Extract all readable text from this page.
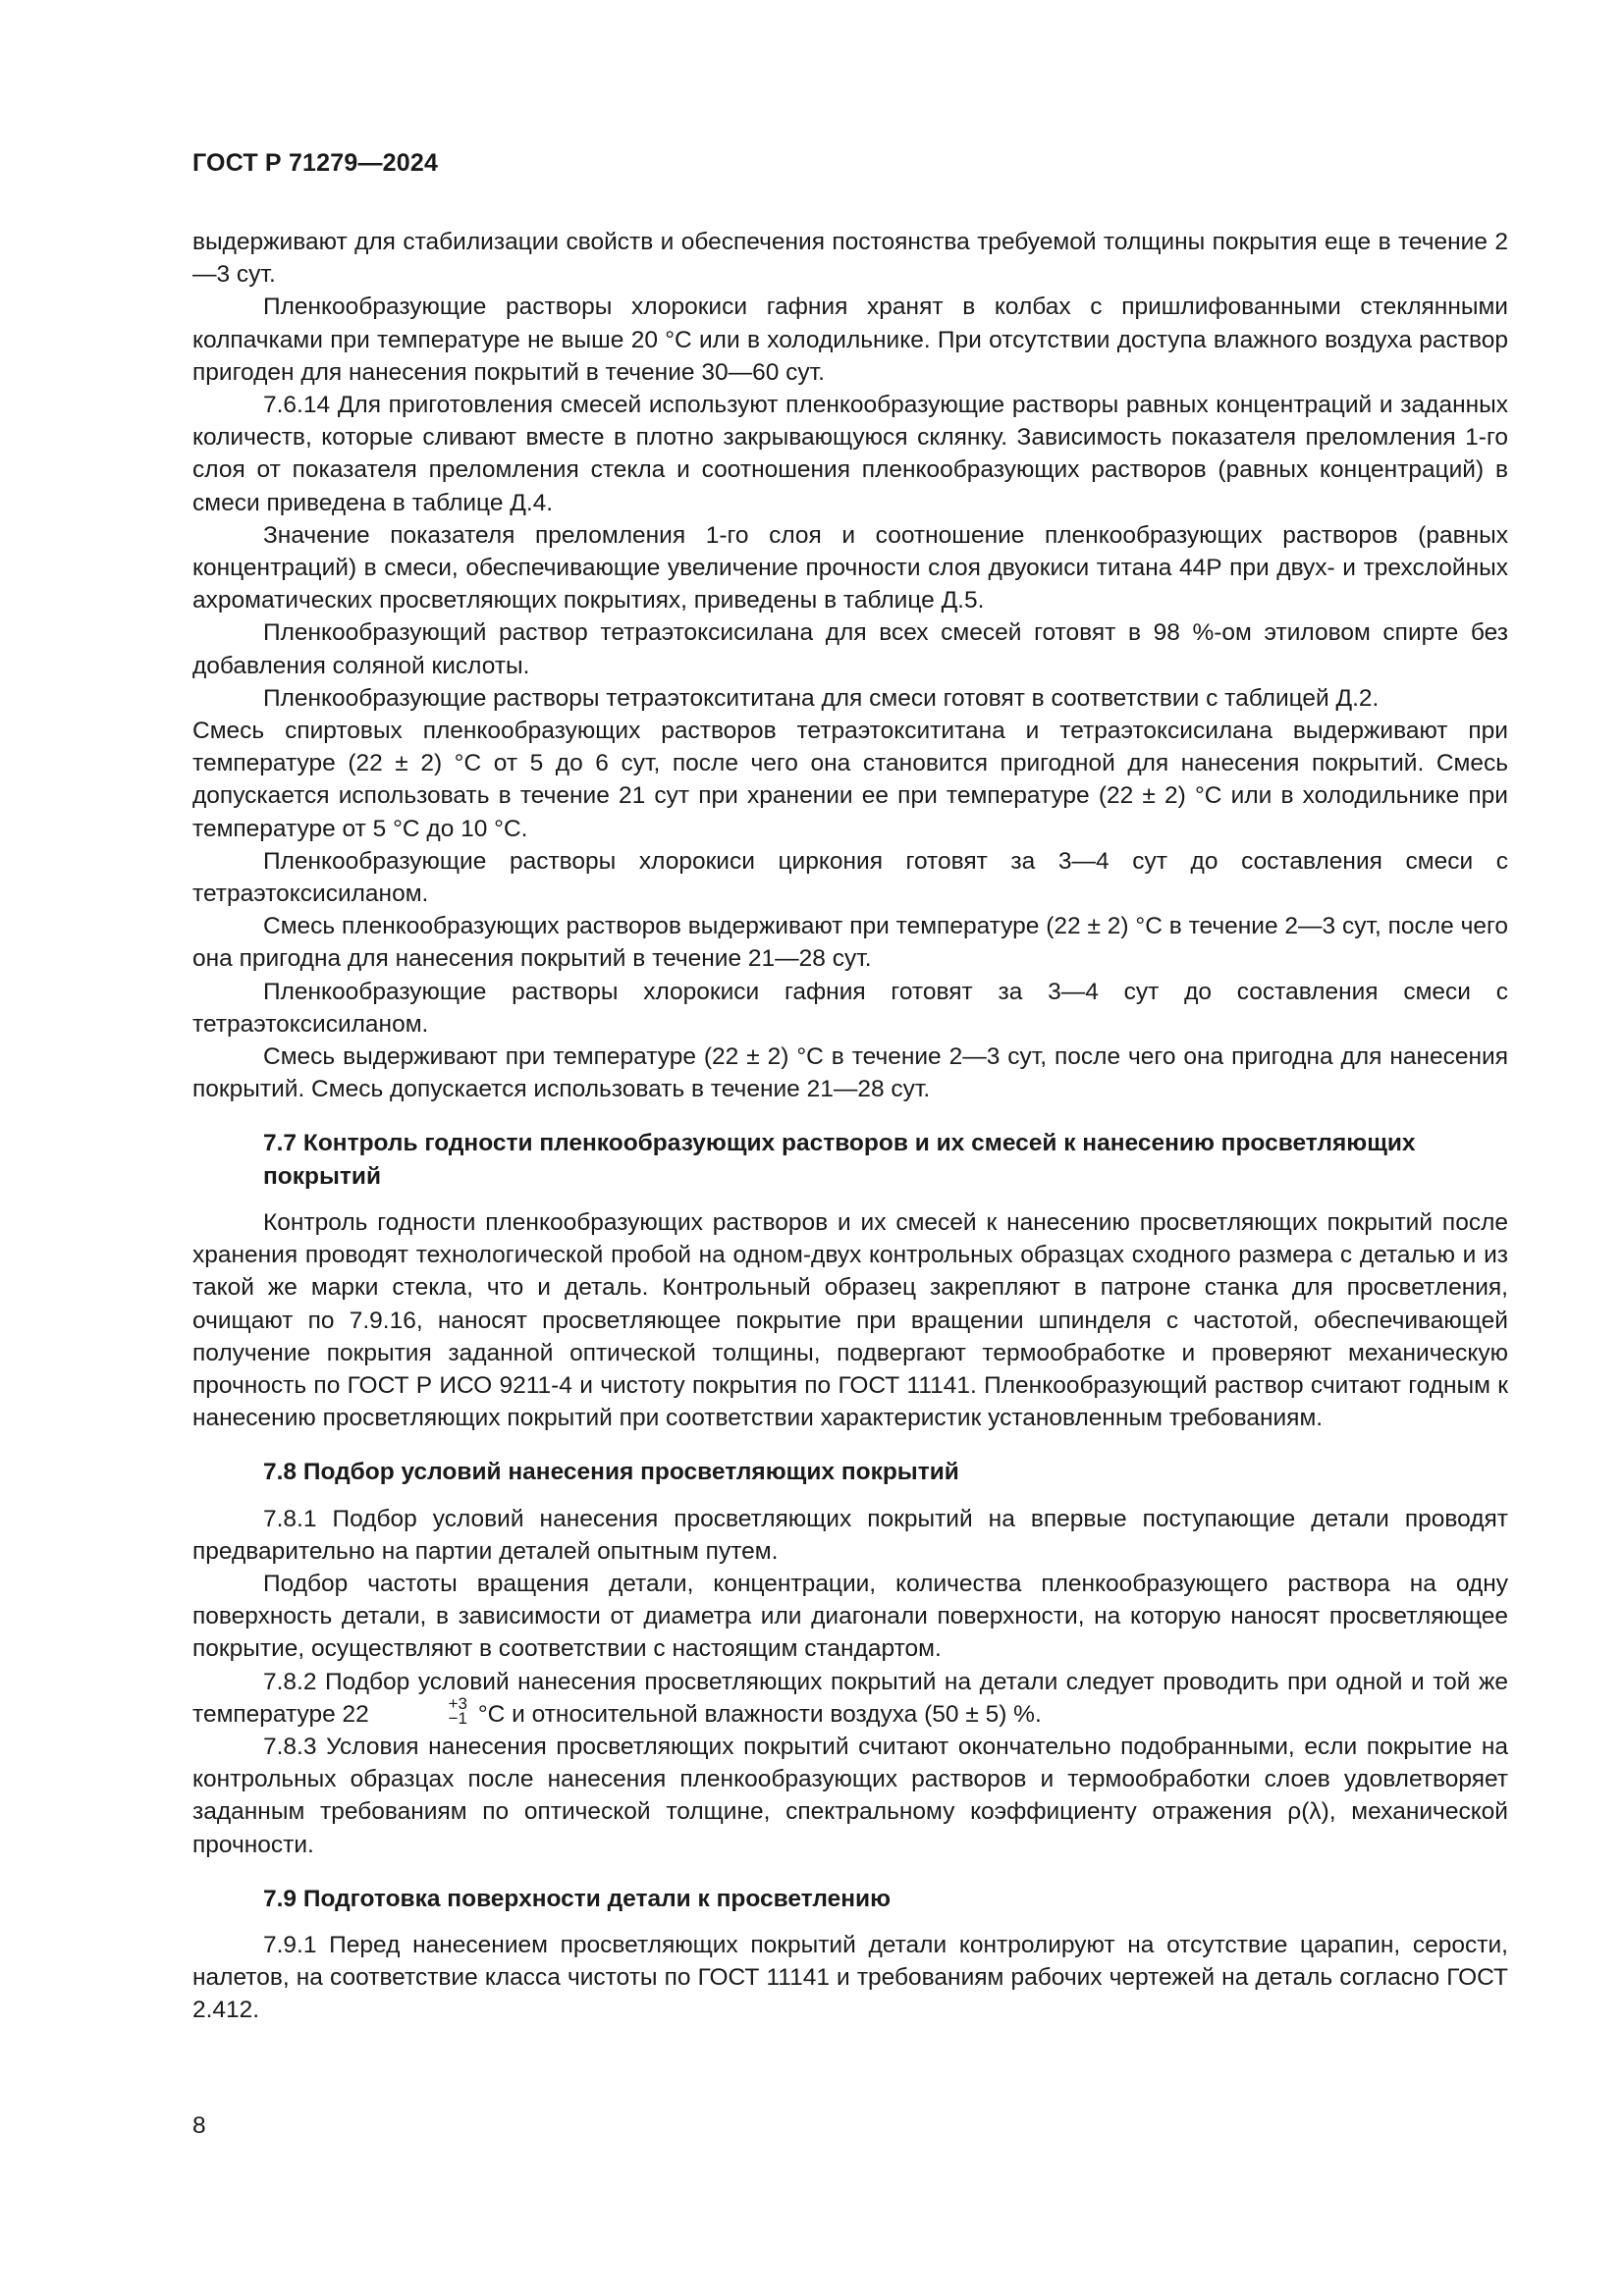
ГОСТ Р 71279—2024

выдерживают для стабилизации свойств и обеспечения постоянства требуемой толщины покрытия еще в течение 2—3 сут.

Пленкообразующие растворы хлорокиси гафния хранят в колбах с пришлифованными стеклянными колпачками при температуре не выше 20 °С или в холодильнике. При отсутствии доступа влажного воздуха раствор пригоден для нанесения покрытий в течение 30—60 сут.

7.6.14 Для приготовления смесей используют пленкообразующие растворы равных концентраций и заданных количеств, которые сливают вместе в плотно закрывающуюся склянку. Зависимость показателя преломления 1-го слоя от показателя преломления стекла и соотношения пленкообразующих растворов (равных концентраций) в смеси приведена в таблице Д.4.

Значение показателя преломления 1-го слоя и соотношение пленкообразующих растворов (равных концентраций) в смеси, обеспечивающие увеличение прочности слоя двуокиси титана 44Р при двух- и трехслойных ахроматических просветляющих покрытиях, приведены в таблице Д.5.

Пленкообразующий раствор тетраэтоксисилана для всех смесей готовят в 98 %-ом этиловом спирте без добавления соляной кислоты.

Пленкообразующие растворы тетраэтоксититана для смеси готовят в соответствии с таблицей Д.2.

Смесь спиртовых пленкообразующих растворов тетраэтоксититана и тетраэтоксисилана выдерживают при температуре (22 ± 2) °С от 5 до 6 сут, после чего она становится пригодной для нанесения покрытий. Смесь допускается использовать в течение 21 сут при хранении ее при температуре (22 ± 2) °С или в холодильнике при температуре от 5 °С до 10 °С.

Пленкообразующие растворы хлорокиси циркония готовят за 3—4 сут до составления смеси с тетраэтоксисиланом.

Смесь пленкообразующих растворов выдерживают при температуре (22 ± 2) °С в течение 2—3 сут, после чего она пригодна для нанесения покрытий в течение 21—28 сут.

Пленкообразующие растворы хлорокиси гафния готовят за 3—4 сут до составления смеси с тетраэтоксисиланом.

Смесь выдерживают при температуре (22 ± 2) °С в течение 2—3 сут, после чего она пригодна для нанесения покрытий. Смесь допускается использовать в течение 21—28 сут.

7.7 Контроль годности пленкообразующих растворов и их смесей к нанесению просветляющих покрытий

Контроль годности пленкообразующих растворов и их смесей к нанесению просветляющих покрытий после хранения проводят технологической пробой на одном-двух контрольных образцах сходного размера с деталью и из такой же марки стекла, что и деталь. Контрольный образец закрепляют в патроне станка для просветления, очищают по 7.9.16, наносят просветляющее покрытие при вращении шпинделя с частотой, обеспечивающей получение покрытия заданной оптической толщины, подвергают термообработке и проверяют механическую прочность по ГОСТ Р ИСО 9211-4 и чистоту покрытия по ГОСТ 11141. Пленкообразующий раствор считают годным к нанесению просветляющих покрытий при соответствии характеристик установленным требованиям.

7.8 Подбор условий нанесения просветляющих покрытий

7.8.1 Подбор условий нанесения просветляющих покрытий на впервые поступающие детали проводят предварительно на партии деталей опытным путем.

Подбор частоты вращения детали, концентрации, количества пленкообразующего раствора на одну поверхность детали, в зависимости от диаметра или диагонали поверхности, на которую наносят просветляющее покрытие, осуществляют в соответствии с настоящим стандартом.

7.8.2 Подбор условий нанесения просветляющих покрытий на детали следует проводить при одной и той же температуре 22	+3
−1 °С и относительной влажности воздуха (50 ± 5) %.

7.8.3 Условия нанесения просветляющих покрытий считают окончательно подобранными, если покрытие на контрольных образцах после нанесения пленкообразующих растворов и термообработки слоев удовлетворяет заданным требованиям по оптической толщине, спектральному коэффициенту отражения ρ(λ), механической прочности.

7.9 Подготовка поверхности детали к просветлению

7.9.1 Перед нанесением просветляющих покрытий детали контролируют на отсутствие царапин, серости, налетов, на соответствие класса чистоты по ГОСТ 11141 и требованиям рабочих чертежей на деталь согласно ГОСТ 2.412.

8
